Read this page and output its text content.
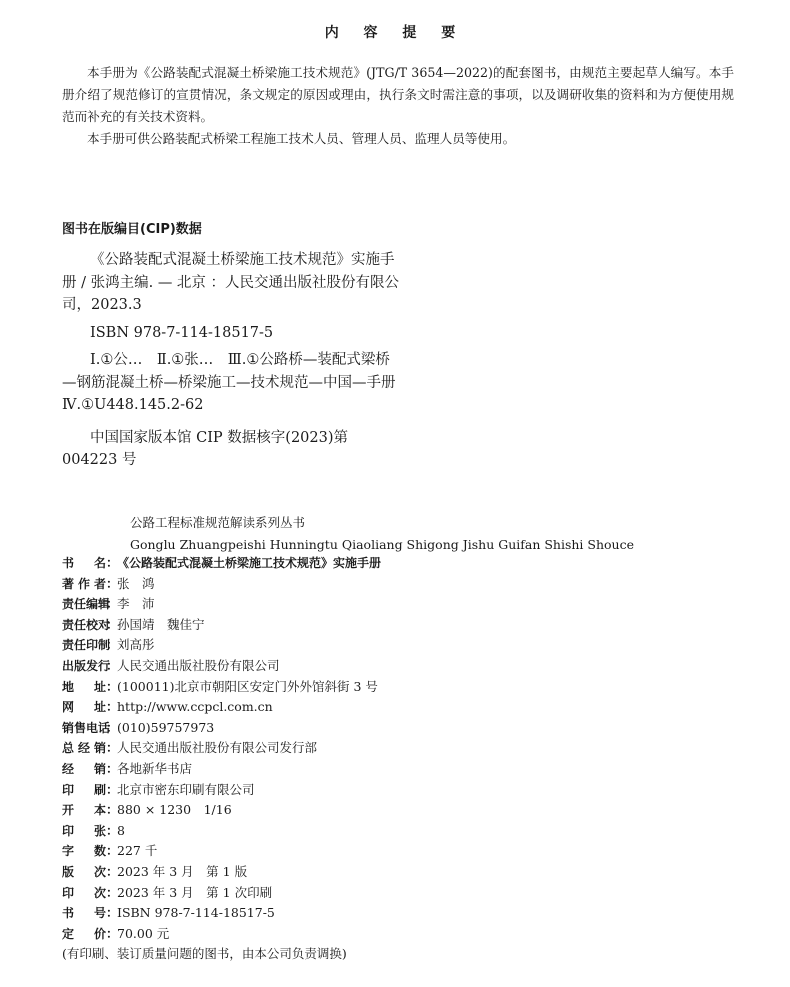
内 容 提 要

本手册为《公路装配式混凝土桥梁施工技术规范》(JTG/T 3654—2022)的配套图书，由规范主要起草人编写。本手册介绍了规范修订的宣贯情况，条文规定的原因或理由，执行条文时需注意的事项，以及调研收集的资料和为方便使用规范而补充的有关技术资料。

本手册可供公路装配式桥梁工程施工技术人员、管理人员、监理人员等使用。

图书在版编目(CIP)数据

《公路装配式混凝土桥梁施工技术规范》实施手册 / 张鸿主编. — 北京 ：人民交通出版社股份有限公司，2023.3

ISBN 978-7-114-18517-5

Ⅰ.①公…　Ⅱ.①张…　Ⅲ.①公路桥—装配式梁桥—钢筋混凝土桥—桥梁施工—技术规范—中国—手册　Ⅳ.①U448.145.2-62

中国国家版本馆 CIP 数据核字(2023)第 004223 号

公路工程标准规范解读系列丛书
Gonglu Zhuangpeishi Hunningtu Qiaoliang Shigong Jishu Guifan Shishi Shouce
书名 ：
《公路装配式混凝土桥梁施工技术规范》实施手册
著作者 ：
张　鸿
责任编辑
：
李　沛
责任校对
：
孙国靖　魏佳宁
责任印制
：
刘高彤
出版发行
：
人民交通出版社股份有限公司
地址 ：
(100011)北京市朝阳区安定门外外馆斜街 3 号
网址 ：
http://www.ccpcl.com.cn
销售电话
：
(010)59757973
总经销 ：
人民交通出版社股份有限公司发行部
经销 ：
各地新华书店
印刷 ：
北京市密东印刷有限公司
开本 ：
880 × 1230　1/16
印张 ：
8
字数 ：
227 千
版次 ：
2023 年 3 月　第 1 版
印次 ：
2023 年 3 月　第 1 次印刷
书号 ：
ISBN 978-7-114-18517-5
定价 ：
70.00 元
(有印刷、装订质量问题的图书，由本公司负责调换)
